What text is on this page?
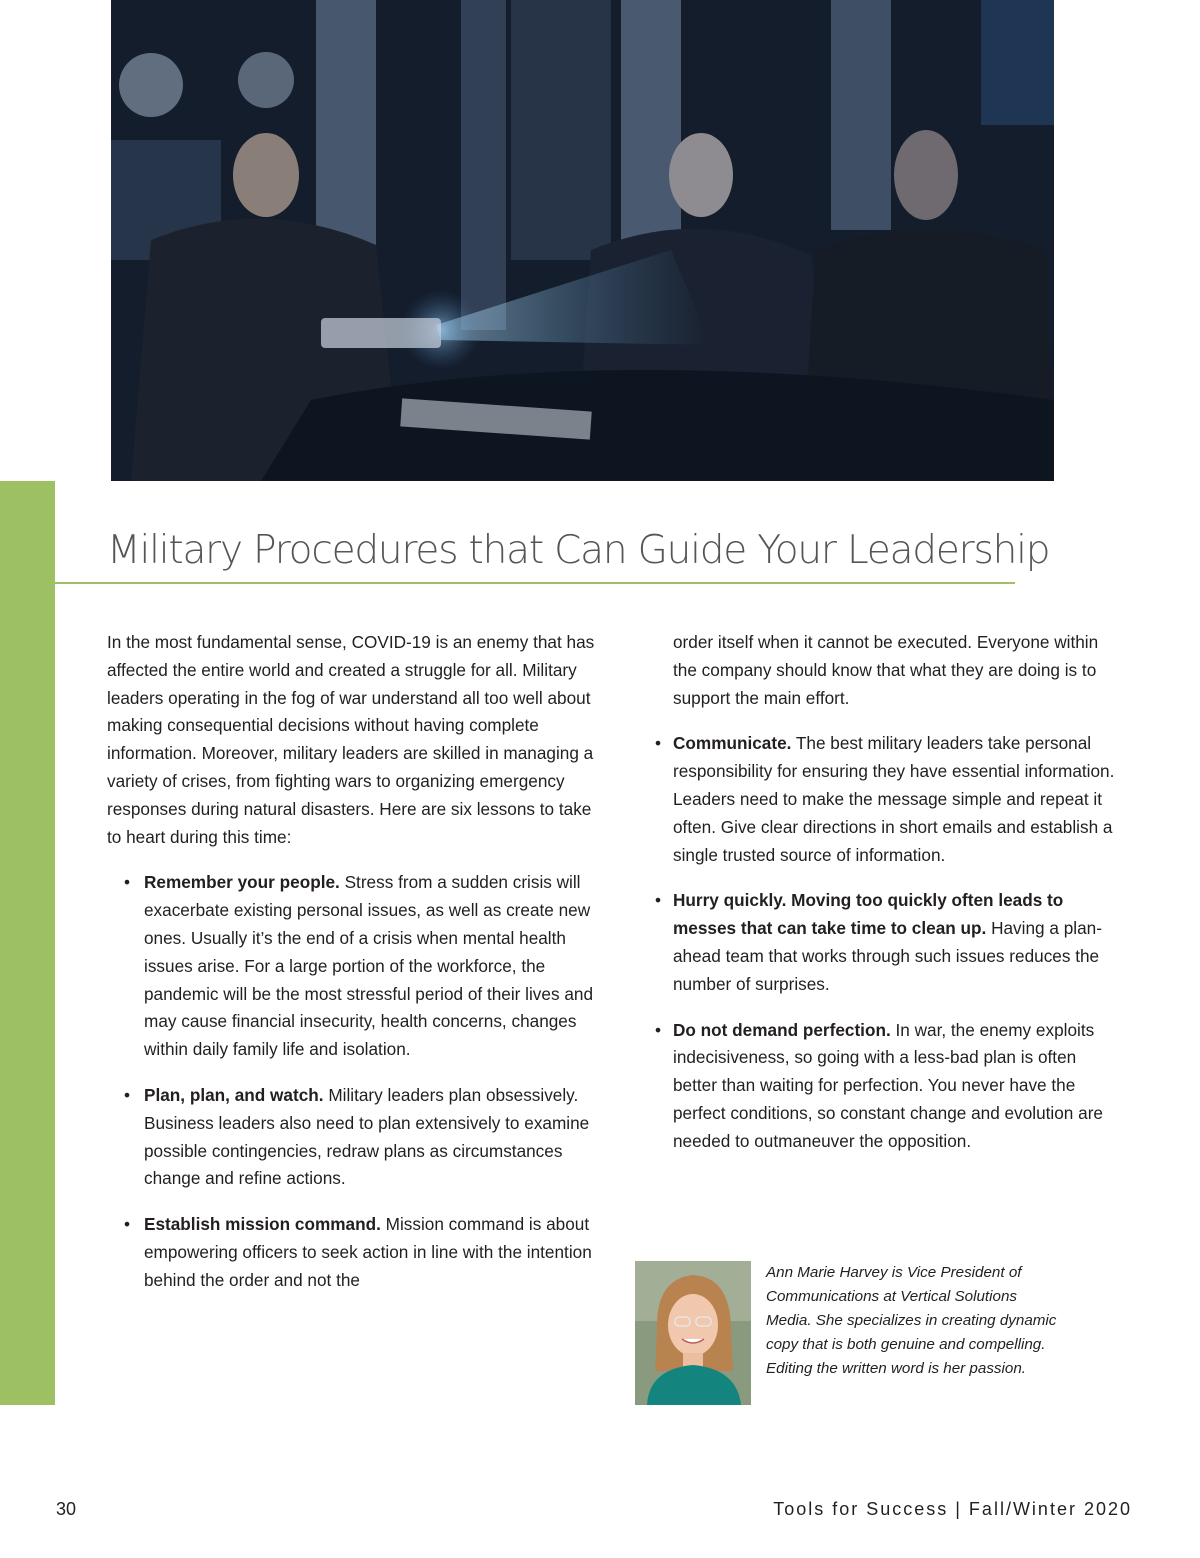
Military Procedures that Can Guide Your Leadership

In the most fundamental sense, COVID-19 is an enemy that has affected the entire world and created a struggle for all. Military leaders operating in the fog of war understand all too well about making consequential decisions without having complete information. Moreover, military leaders are skilled in managing a variety of crises, from fighting wars to organizing emergency responses during natural disasters. Here are six lessons to take to heart during this time:

• Remember your people. Stress from a sudden crisis will exacerbate existing personal issues, as well as create new ones. Usually it’s the end of a crisis when mental health issues arise. For a large portion of the workforce, the pandemic will be the most stressful period of their lives and may cause financial insecurity, health concerns, changes within daily family life and isolation.
• Plan, plan, and watch. Military leaders plan obsessively. Business leaders also need to plan extensively to examine possible contingencies, redraw plans as circumstances change and refine actions.
• Establish mission command. Mission command is about empowering officers to seek action in line with the intention behind the order and not the

order itself when it cannot be executed. Everyone within the company should know that what they are doing is to support the main effort.

• Communicate. The best military leaders take personal responsibility for ensuring they have essential information. Leaders need to make the message simple and repeat it often. Give clear directions in short emails and establish a single trusted source of information.
• Hurry quickly. Moving too quickly often leads to messes that can take time to clean up. Having a plan-ahead team that works through such issues reduces the number of surprises.
• Do not demand perfection. In war, the enemy exploits indecisiveness, so going with a less-bad plan is often better than waiting for perfection. You never have the perfect conditions, so constant change and evolution are needed to outmaneuver the opposition.
Ann Marie Harvey is Vice President of Communications at Vertical Solutions Media. She specializes in creating dynamic copy that is both genuine and compelling. Editing the written word is her passion.
30	Tools for Success | Fall/Winter 2020
